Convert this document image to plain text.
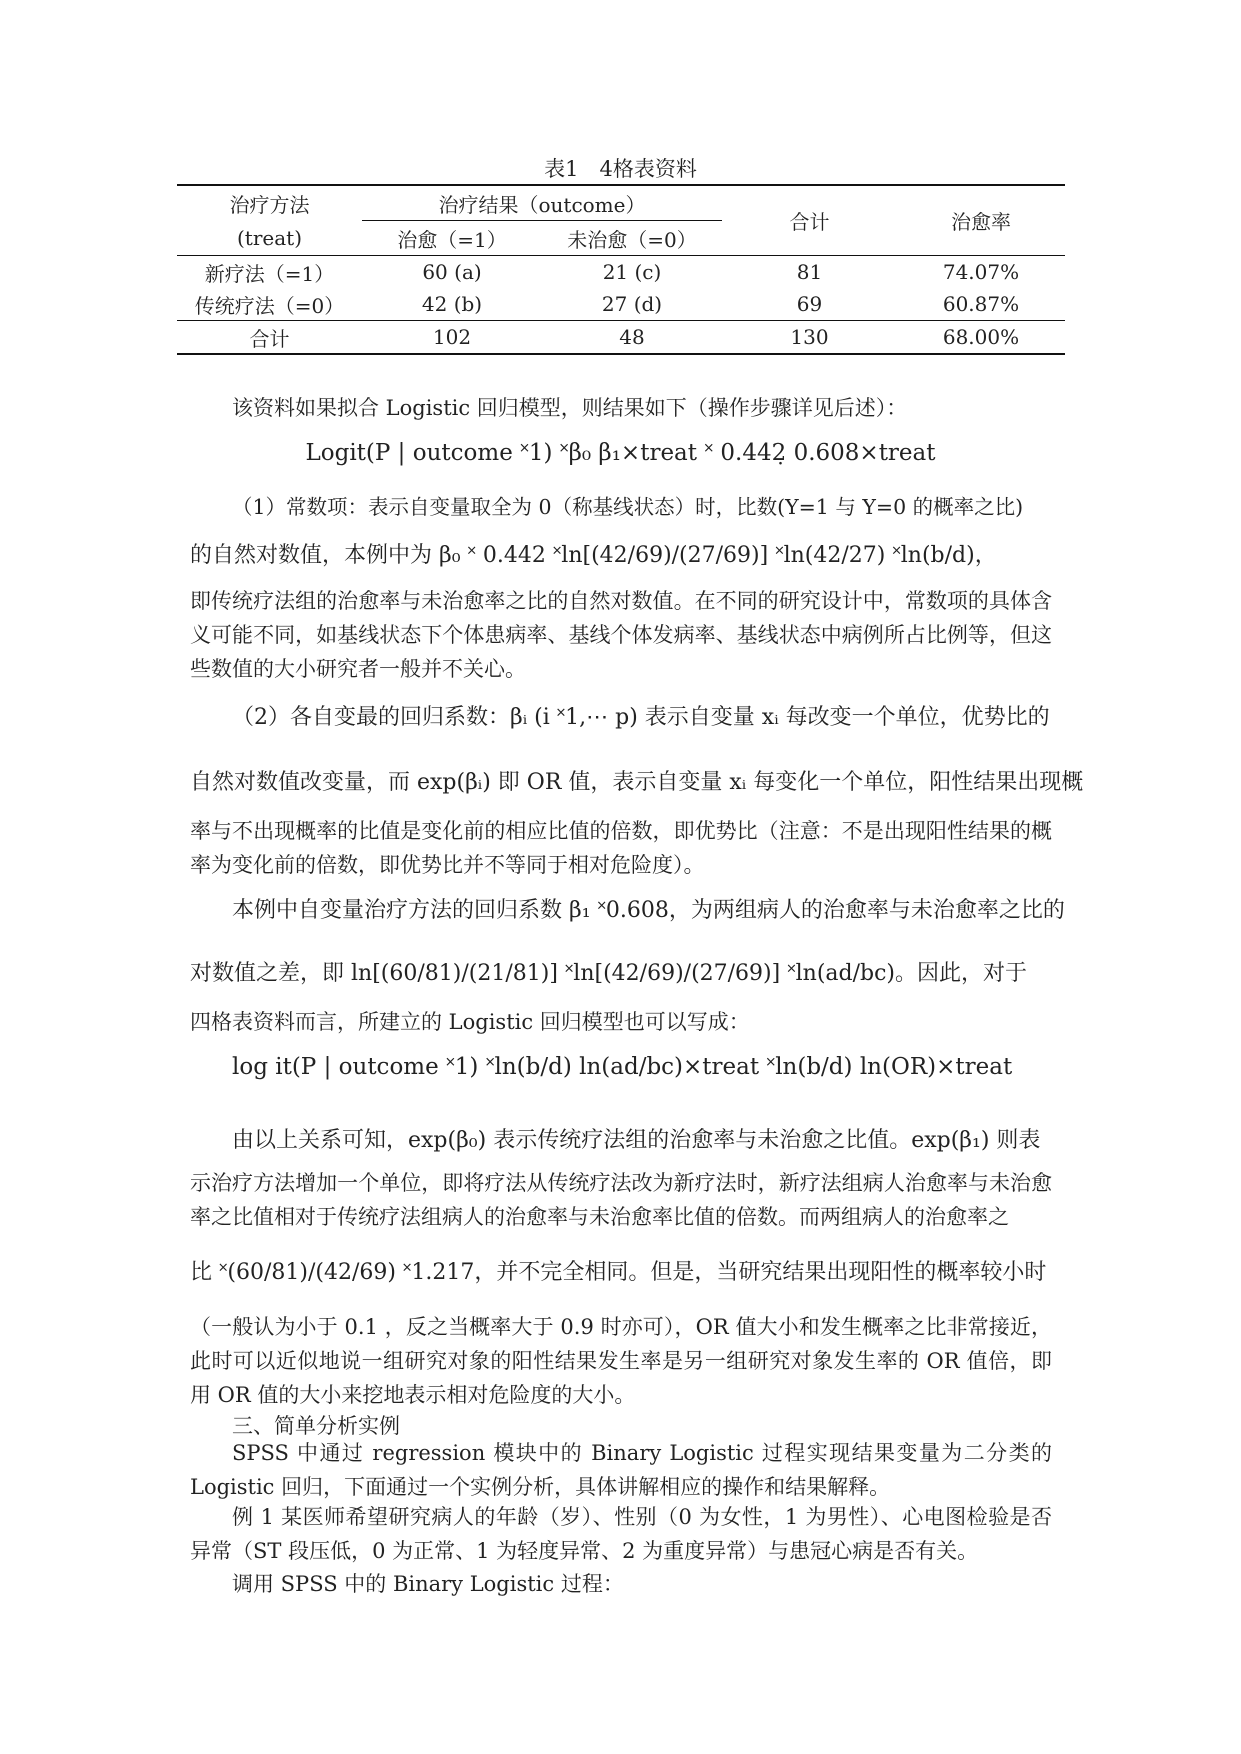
表1　4格表资料
治疗方法	治疗结果（outcome）		合计	治愈率
(treat)	治愈（=1）	未治愈（=0）		
新疗法（=1）	60 (a)	21 (c)	81	74.07%
传统疗法（=0）	42 (b)	27 (d)	69	60.87%
合计	102	48	130	68.00%
该资料如果拟合 Logistic 回归模型，则结果如下（操作步骤详见后述）：
Logit(P | outcome ˟1) ˟β₀ β₁×treat ˟ 0.442̣ 0.608×treat
（1）常数项：表示自变量取全为 0（称基线状态）时，比数(Y=1 与 Y=0 的概率之比)
的自然对数值，本例中为 β₀ ˟ 0.442 ˟ln[(42/69)/(27/69)] ˟ln(42/27) ˟ln(b/d)，
即传统疗法组的治愈率与未治愈率之比的自然对数值。在不同的研究设计中，常数项的具体含义可能不同，如基线状态下个体患病率、基线个体发病率、基线状态中病例所占比例等，但这些数值的大小研究者一般并不关心。
（2）各自变最的回归系数：βᵢ (i ˟1,⋯ p) 表示自变量 xᵢ 每改变一个单位，优势比的
自然对数值改变量，而 exp(βᵢ) 即 OR 值，表示自变量 xᵢ 每变化一个单位，阳性结果出现概
率与不出现概率的比值是变化前的相应比值的倍数，即优势比（注意：不是出现阳性结果的概率为变化前的倍数，即优势比并不等同于相对危险度）。
本例中自变量治疗方法的回归系数 β₁ ˟0.608，为两组病人的治愈率与未治愈率之比的
对数值之差，即 ln[(60/81)/(21/81)] ˟ln[(42/69)/(27/69)] ˟ln(ad/bc)。因此，对于
四格表资料而言，所建立的 Logistic 回归模型也可以写成：
log it(P | outcome ˟1) ˟ln(b/d) ln(ad/bc)×treat ˟ln(b/d) ln(OR)×treat
由以上关系可知，exp(β₀) 表示传统疗法组的治愈率与未治愈之比值。exp(β₁) 则表
示治疗方法增加一个单位，即将疗法从传统疗法改为新疗法时，新疗法组病人治愈率与未治愈率之比值相对于传统疗法组病人的治愈率与未治愈率比值的倍数。而两组病人的治愈率之
比 ˟(60/81)/(42/69) ˟1.217，并不完全相同。但是，当研究结果出现阳性的概率较小时
（一般认为小于 0.1 ，反之当概率大于 0.9 时亦可），OR 值大小和发生概率之比非常接近，此时可以近似地说一组研究对象的阳性结果发生率是另一组研究对象发生率的 OR 值倍，即用 OR 值的大小来挖地表示相对危险度的大小。
三、简单分析实例
SPSS 中通过 regression 模块中的 Binary Logistic 过程实现结果变量为二分类的 Logistic 回归，下面通过一个实例分析，具体讲解相应的操作和结果解释。
例 1 某医师希望研究病人的年龄（岁）、性别（0 为女性，1 为男性）、心电图检验是否异常（ST 段压低，0 为正常、1 为轻度异常、2 为重度异常）与患冠心病是否有关。
调用 SPSS 中的 Binary Logistic 过程：
